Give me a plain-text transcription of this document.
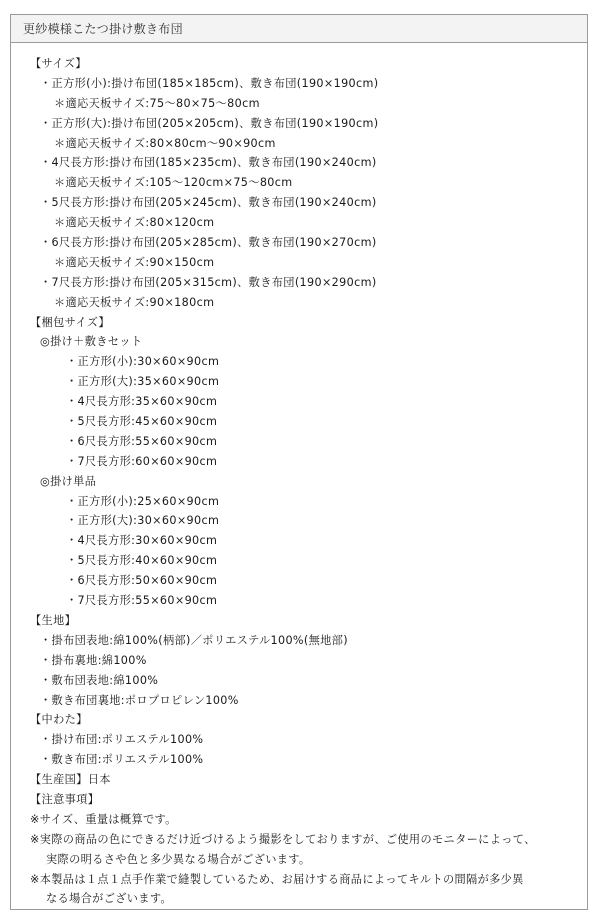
更紗模様こたつ掛け敷き布団
【サイズ】
・正方形(小):掛け布団(185×185cm)、敷き布団(190×190cm)
＊適応天板サイズ:75～80×75～80cm
・正方形(大):掛け布団(205×205cm)、敷き布団(190×190cm)
＊適応天板サイズ:80×80cm～90×90cm
・4尺長方形:掛け布団(185×235cm)、敷き布団(190×240cm)
＊適応天板サイズ:105～120cm×75～80cm
・5尺長方形:掛け布団(205×245cm)、敷き布団(190×240cm)
＊適応天板サイズ:80×120cm
・6尺長方形:掛け布団(205×285cm)、敷き布団(190×270cm)
＊適応天板サイズ:90×150cm
・7尺長方形:掛け布団(205×315cm)、敷き布団(190×290cm)
＊適応天板サイズ:90×180cm
【梱包サイズ】
◎掛け＋敷きセット
・正方形(小):30×60×90cm
・正方形(大):35×60×90cm
・4尺長方形:35×60×90cm
・5尺長方形:45×60×90cm
・6尺長方形:55×60×90cm
・7尺長方形:60×60×90cm
◎掛け単品
・正方形(小):25×60×90cm
・正方形(大):30×60×90cm
・4尺長方形:30×60×90cm
・5尺長方形:40×60×90cm
・6尺長方形:50×60×90cm
・7尺長方形:55×60×90cm
【生地】
・掛布団表地:綿100%(柄部)／ポリエステル100%(無地部)
・掛布裏地:綿100%
・敷布団表地:綿100%
・敷き布団裏地:ポロプロピレン100%
【中わた】
・掛け布団:ポリエステル100%
・敷き布団:ポリエステル100%
【生産国】日本
【注意事項】
※サイズ、重量は概算です。
※実際の商品の色にできるだけ近づけるよう撮影をしておりますが、ご使用のモニターによって、
実際の明るさや色と多少異なる場合がございます。
※本製品は１点１点手作業で縫製しているため、お届けする商品によってキルトの間隔が多少異
なる場合がございます。
